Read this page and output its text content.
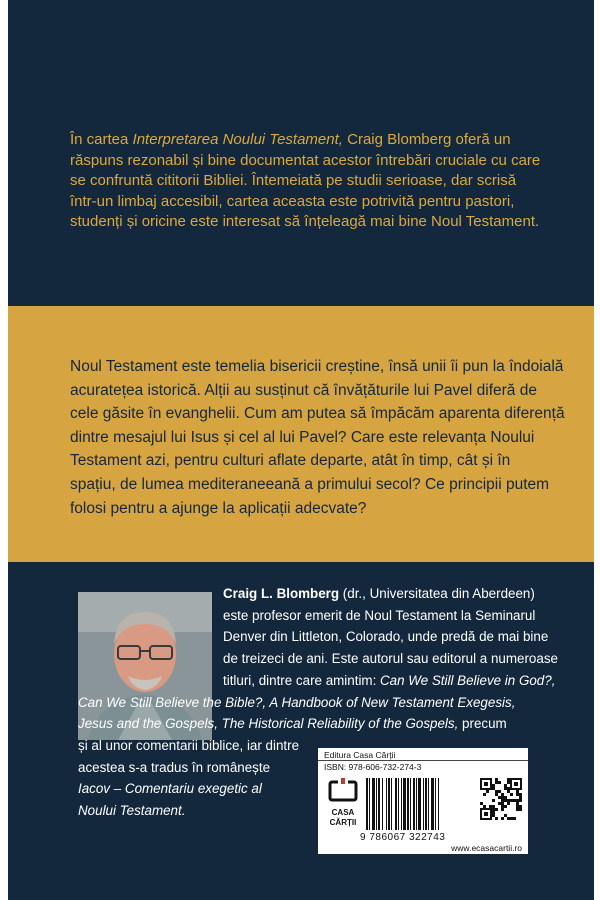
În cartea Interpretarea Noului Testament, Craig Blomberg oferă un
răspuns rezonabil și bine documentat acestor întrebări cruciale cu care
se confruntă cititorii Bibliei. Întemeiată pe studii serioase, dar scrisă
într-un limbaj accesibil, cartea aceasta este potrivită pentru pastori,
studenți și oricine este interesat să înțeleagă mai bine Noul Testament.

Noul Testament este temelia bisericii creștine, însă unii îi pun la îndoială
acuratețea istorică. Alții au susținut că învățăturile lui Pavel diferă de
cele găsite în evanghelii. Cum am putea să împăcăm aparenta diferență
dintre mesajul lui Isus și cel al lui Pavel? Care este relevanța Noului
Testament azi, pentru culturi aflate departe, atât în timp, cât și în
spațiu, de lumea mediteraneeană a primului secol? Ce principii putem
folosi pentru a ajunge la aplicații adecvate?

Craig L. Blomberg (dr., Universitatea din Aberdeen)
este profesor emerit de Noul Testament la Seminarul
Denver din Littleton, Colorado, unde predă de mai bine
de treizeci de ani. Este autorul sau editorul a numeroase
titluri, dintre care amintim: Can We Still Believe in God?,
Can We Still Believe the Bible?, A Handbook of New Testament Exegesis,
Jesus and the Gospels, The Historical Reliability of the Gospels, precum
și al unor comentarii biblice, iar dintre
acestea s-a tradus în românește
Iacov – Comentariu exegetic al
Noului Testament.
Editura Casa Cărții
ISBN: 978-606-732-274-3
CASA
CĂRȚII
9 786067 322743
www.ecasacartii.ro
